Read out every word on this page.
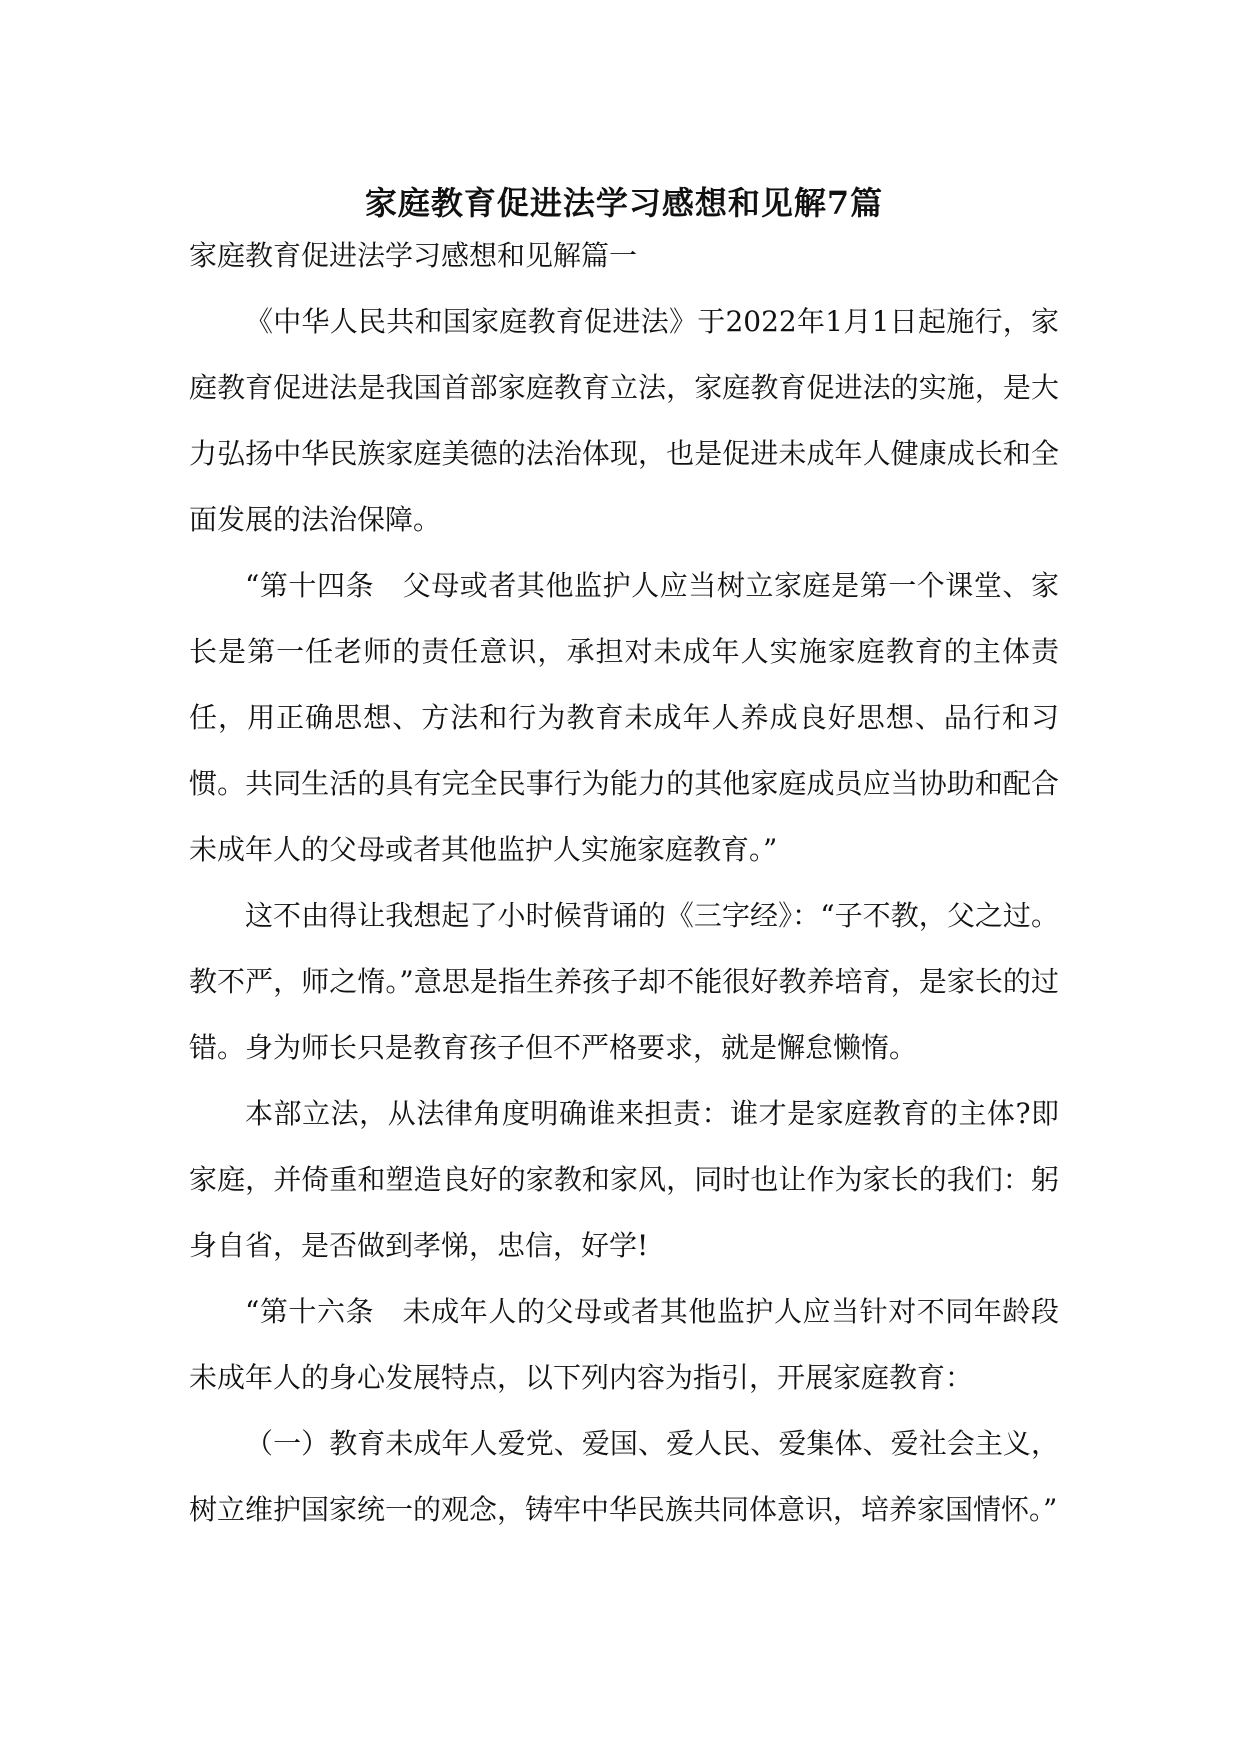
家庭教育促进法学习感想和见解7篇

家庭教育促进法学习感想和见解篇一

《中华人民共和国家庭教育促进法》于2022年1月1日起施行，家庭教育促进法是我国首部家庭教育立法，家庭教育促进法的实施，是大力弘扬中华民族家庭美德的法治体现，也是促进未成年人健康成长和全面发展的法治保障。

“第十四条　父母或者其他监护人应当树立家庭是第一个课堂、家长是第一任老师的责任意识，承担对未成年人实施家庭教育的主体责任，用正确思想、方法和行为教育未成年人养成良好思想、品行和习惯。共同生活的具有完全民事行为能力的其他家庭成员应当协助和配合未成年人的父母或者其他监护人实施家庭教育。”

这不由得让我想起了小时候背诵的《三字经》：“子不教，父之过。教不严，师之惰。”意思是指生养孩子却不能很好教养培育，是家长的过错。身为师长只是教育孩子但不严格要求，就是懈怠懒惰。

本部立法，从法律角度明确谁来担责：谁才是家庭教育的主体?即家庭，并倚重和塑造良好的家教和家风，同时也让作为家长的我们：躬身自省，是否做到孝悌，忠信，好学!

“第十六条　未成年人的父母或者其他监护人应当针对不同年龄段未成年人的身心发展特点，以下列内容为指引，开展家庭教育：

（一）教育未成年人爱党、爱国、爱人民、爱集体、爱社会主义，树立维护国家统一的观念，铸牢中华民族共同体意识，培养家国情怀。”
